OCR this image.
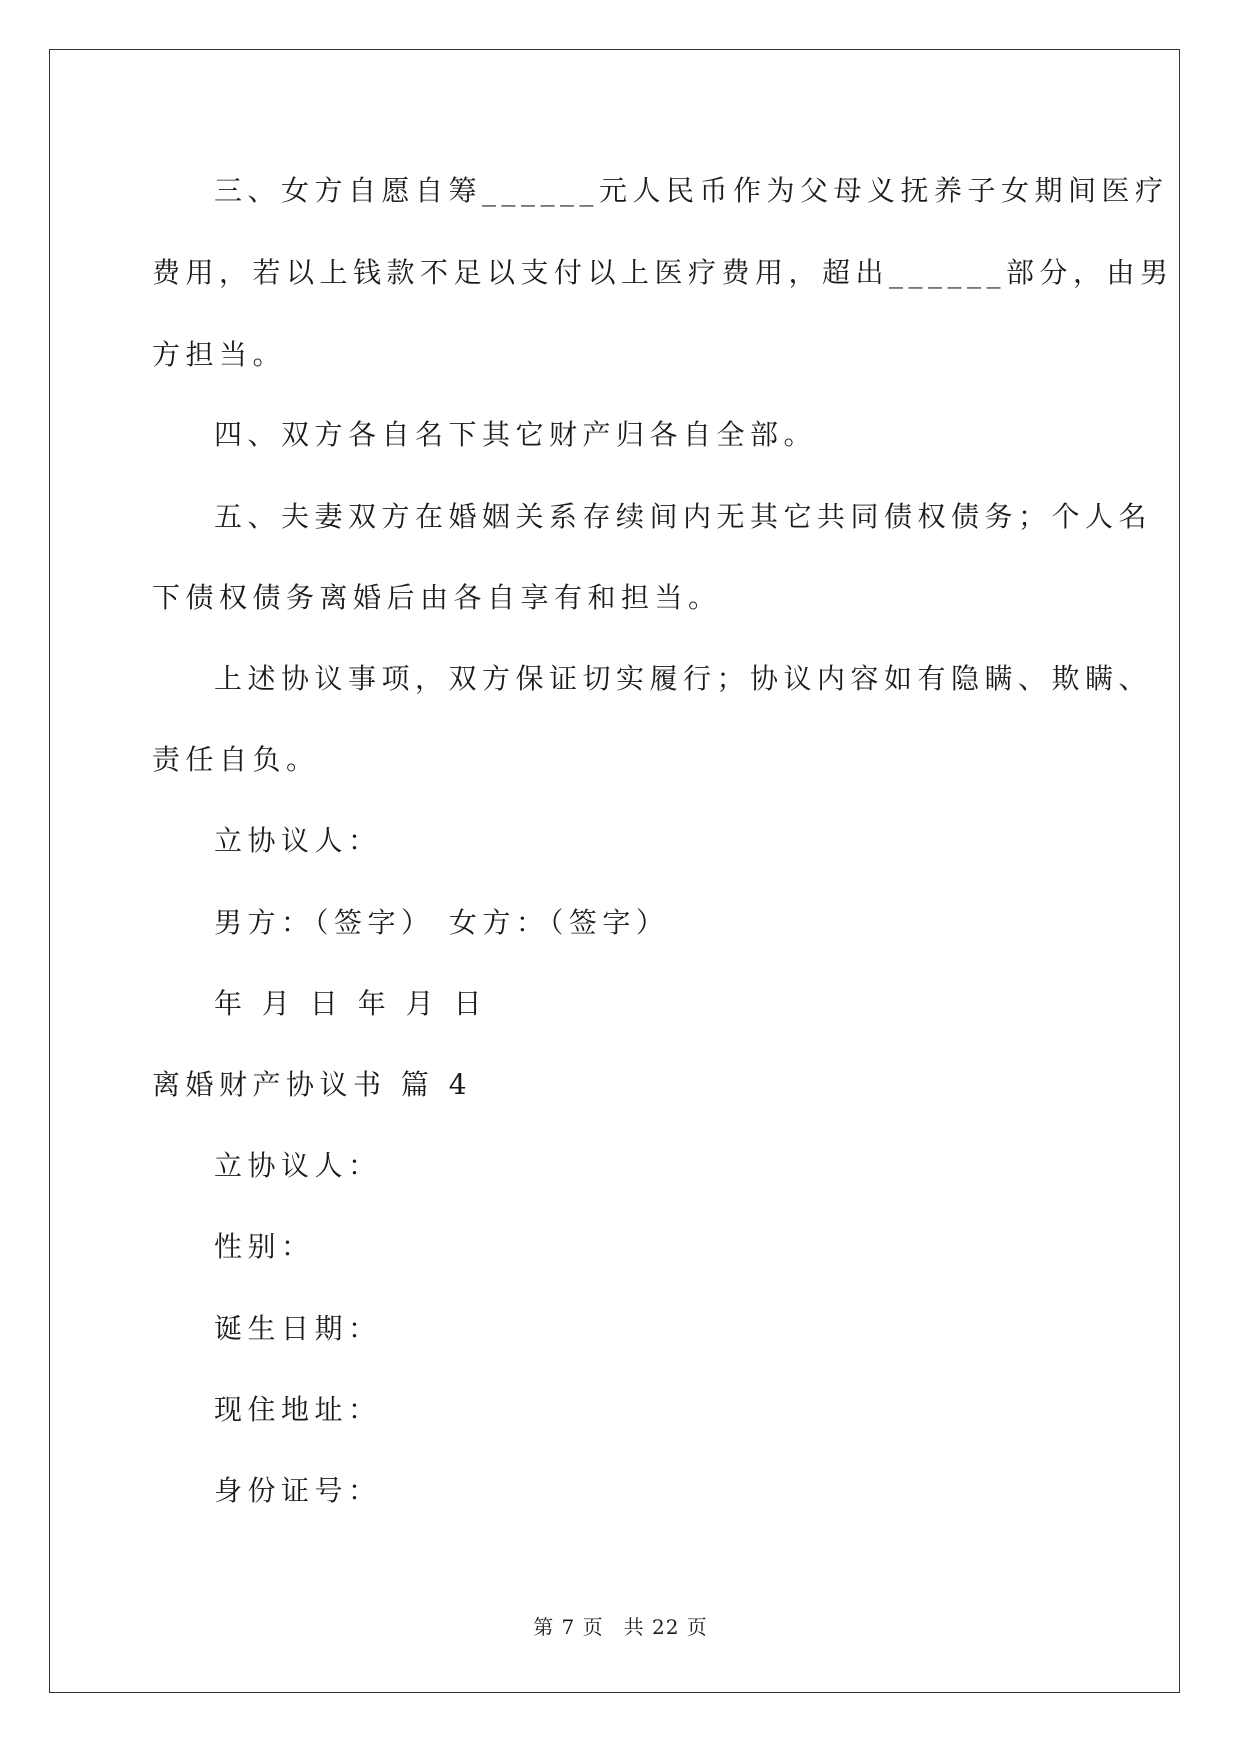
三、女方自愿自筹______元人民币作为父母义抚养子女期间医疗
费用，若以上钱款不足以支付以上医疗费用，超出______部分，由男
方担当。
四、双方各自名下其它财产归各自全部。
五、夫妻双方在婚姻关系存续间内无其它共同债权债务；个人名
下债权债务离婚后由各自享有和担当。
上述协议事项，双方保证切实履行；协议内容如有隐瞒、欺瞒、
责任自负。
立协议人：
男方：（签字） 女方：（签字）
年 月 日 年 月 日
离婚财产协议书 篇 4
立协议人：
性别：
诞生日期：
现住地址：
身份证号：
第 7 页 共 22 页
